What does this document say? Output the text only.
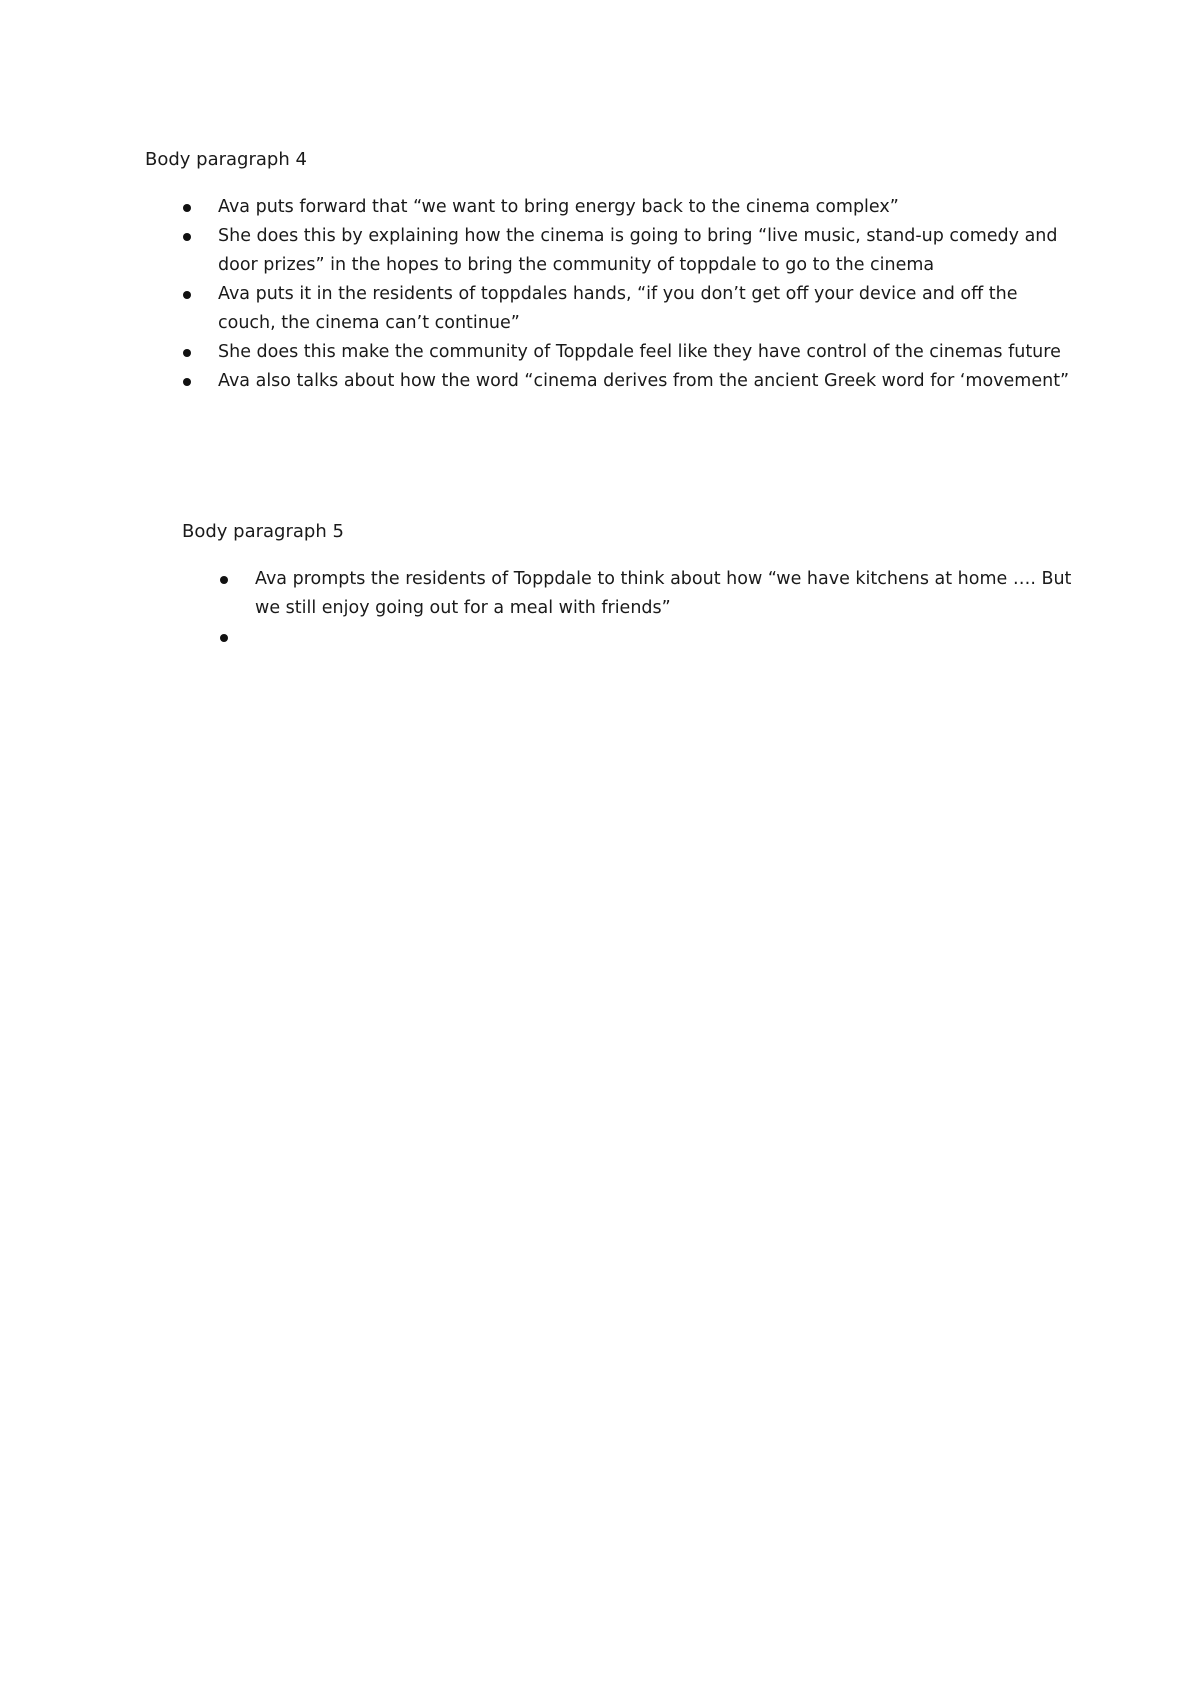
Body paragraph 4
Ava puts forward that “we want to bring energy back to the cinema complex”
She does this by explaining how the cinema is going to bring “live music, stand-up comedy and door prizes” in the hopes to bring the community of toppdale to go to the cinema
Ava puts it in the residents of toppdales hands, “if you don’t get off your device and off the couch, the cinema can’t continue”
She does this make the community of Toppdale feel like they have control of the cinemas future
Ava also talks about how the word “cinema derives from the ancient Greek word for ‘movement”
Body paragraph 5
Ava prompts the residents of Toppdale to think about how “we have kitchens at home …. But we still enjoy going out for a meal with friends”
